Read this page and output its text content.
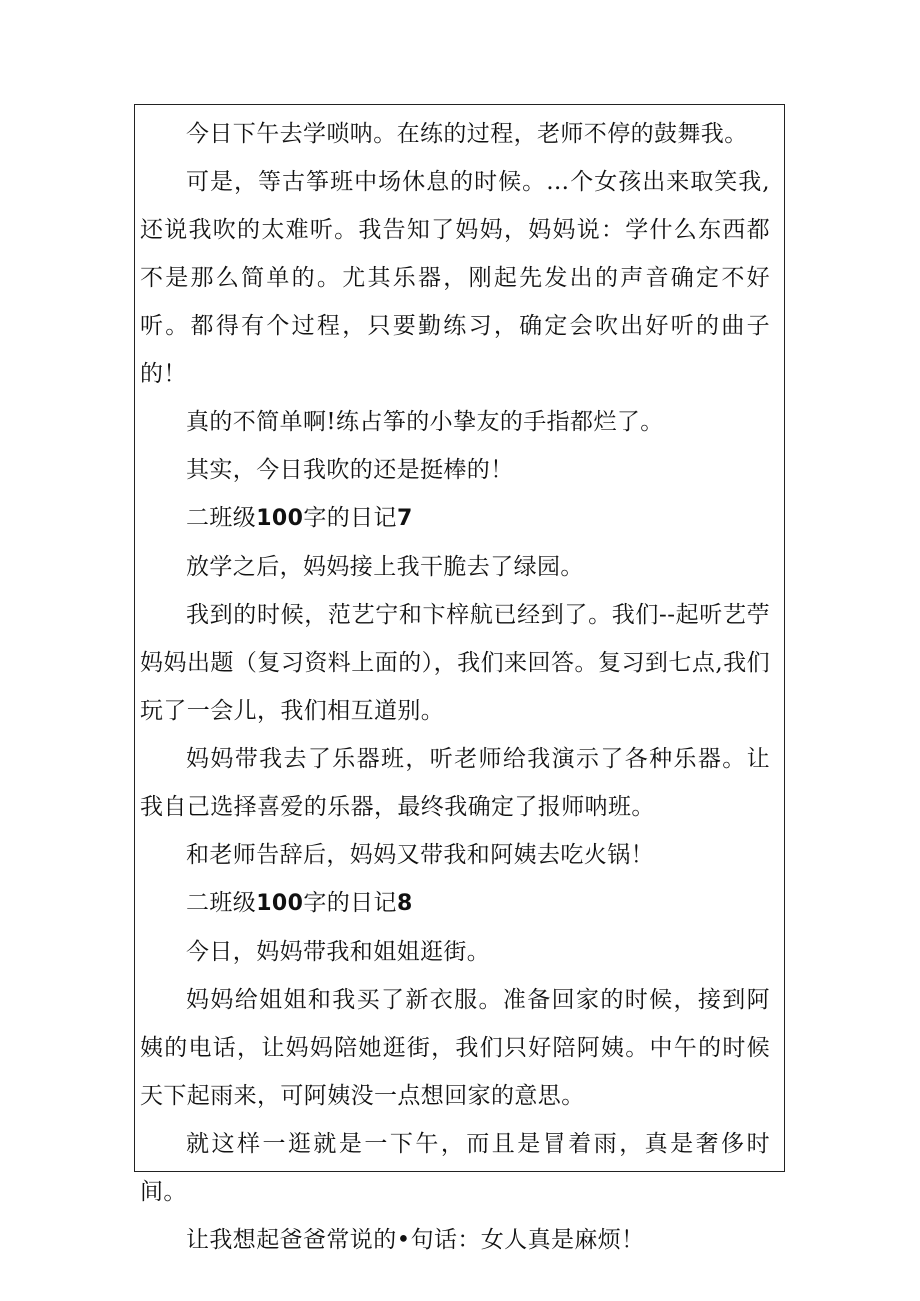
今日下午去学唢呐。在练的过程，老师不停的鼓舞我。

可是，等古筝班中场休息的时候。…个女孩出来取笑我,还说我吹的太难听。我告知了妈妈，妈妈说：学什么东西都不是那么简单的。尤其乐器，刚起先发出的声音确定不好听。都得有个过程，只要勤练习，确定会吹出好听的曲子的！

真的不简单啊!练占筝的小挚友的手指都烂了。

其实，今日我吹的还是挺棒的！

二班级100字的日记7

放学之后，妈妈接上我干脆去了绿园。

我到的时候，范艺宁和卞梓航已经到了。我们--起听艺苧妈妈出题（复习资料上面的），我们来回答。复习到七点,我们玩了一会儿，我们相互道别。

妈妈带我去了乐器班，听老师给我演示了各种乐器。让我自己选择喜爱的乐器，最终我确定了报师呐班。

和老师告辞后，妈妈又带我和阿姨去吃火锅！

二班级100字的日记8

今日，妈妈带我和姐姐逛街。

妈妈给姐姐和我买了新衣服。准备回家的时候，接到阿姨的电话，让妈妈陪她逛街，我们只好陪阿姨。中午的时候天下起雨来，可阿姨没一点想回家的意思。

就这样一逛就是一下午，而且是冒着雨，真是奢侈时间。

让我想起爸爸常说的•句话：女人真是麻烦！
